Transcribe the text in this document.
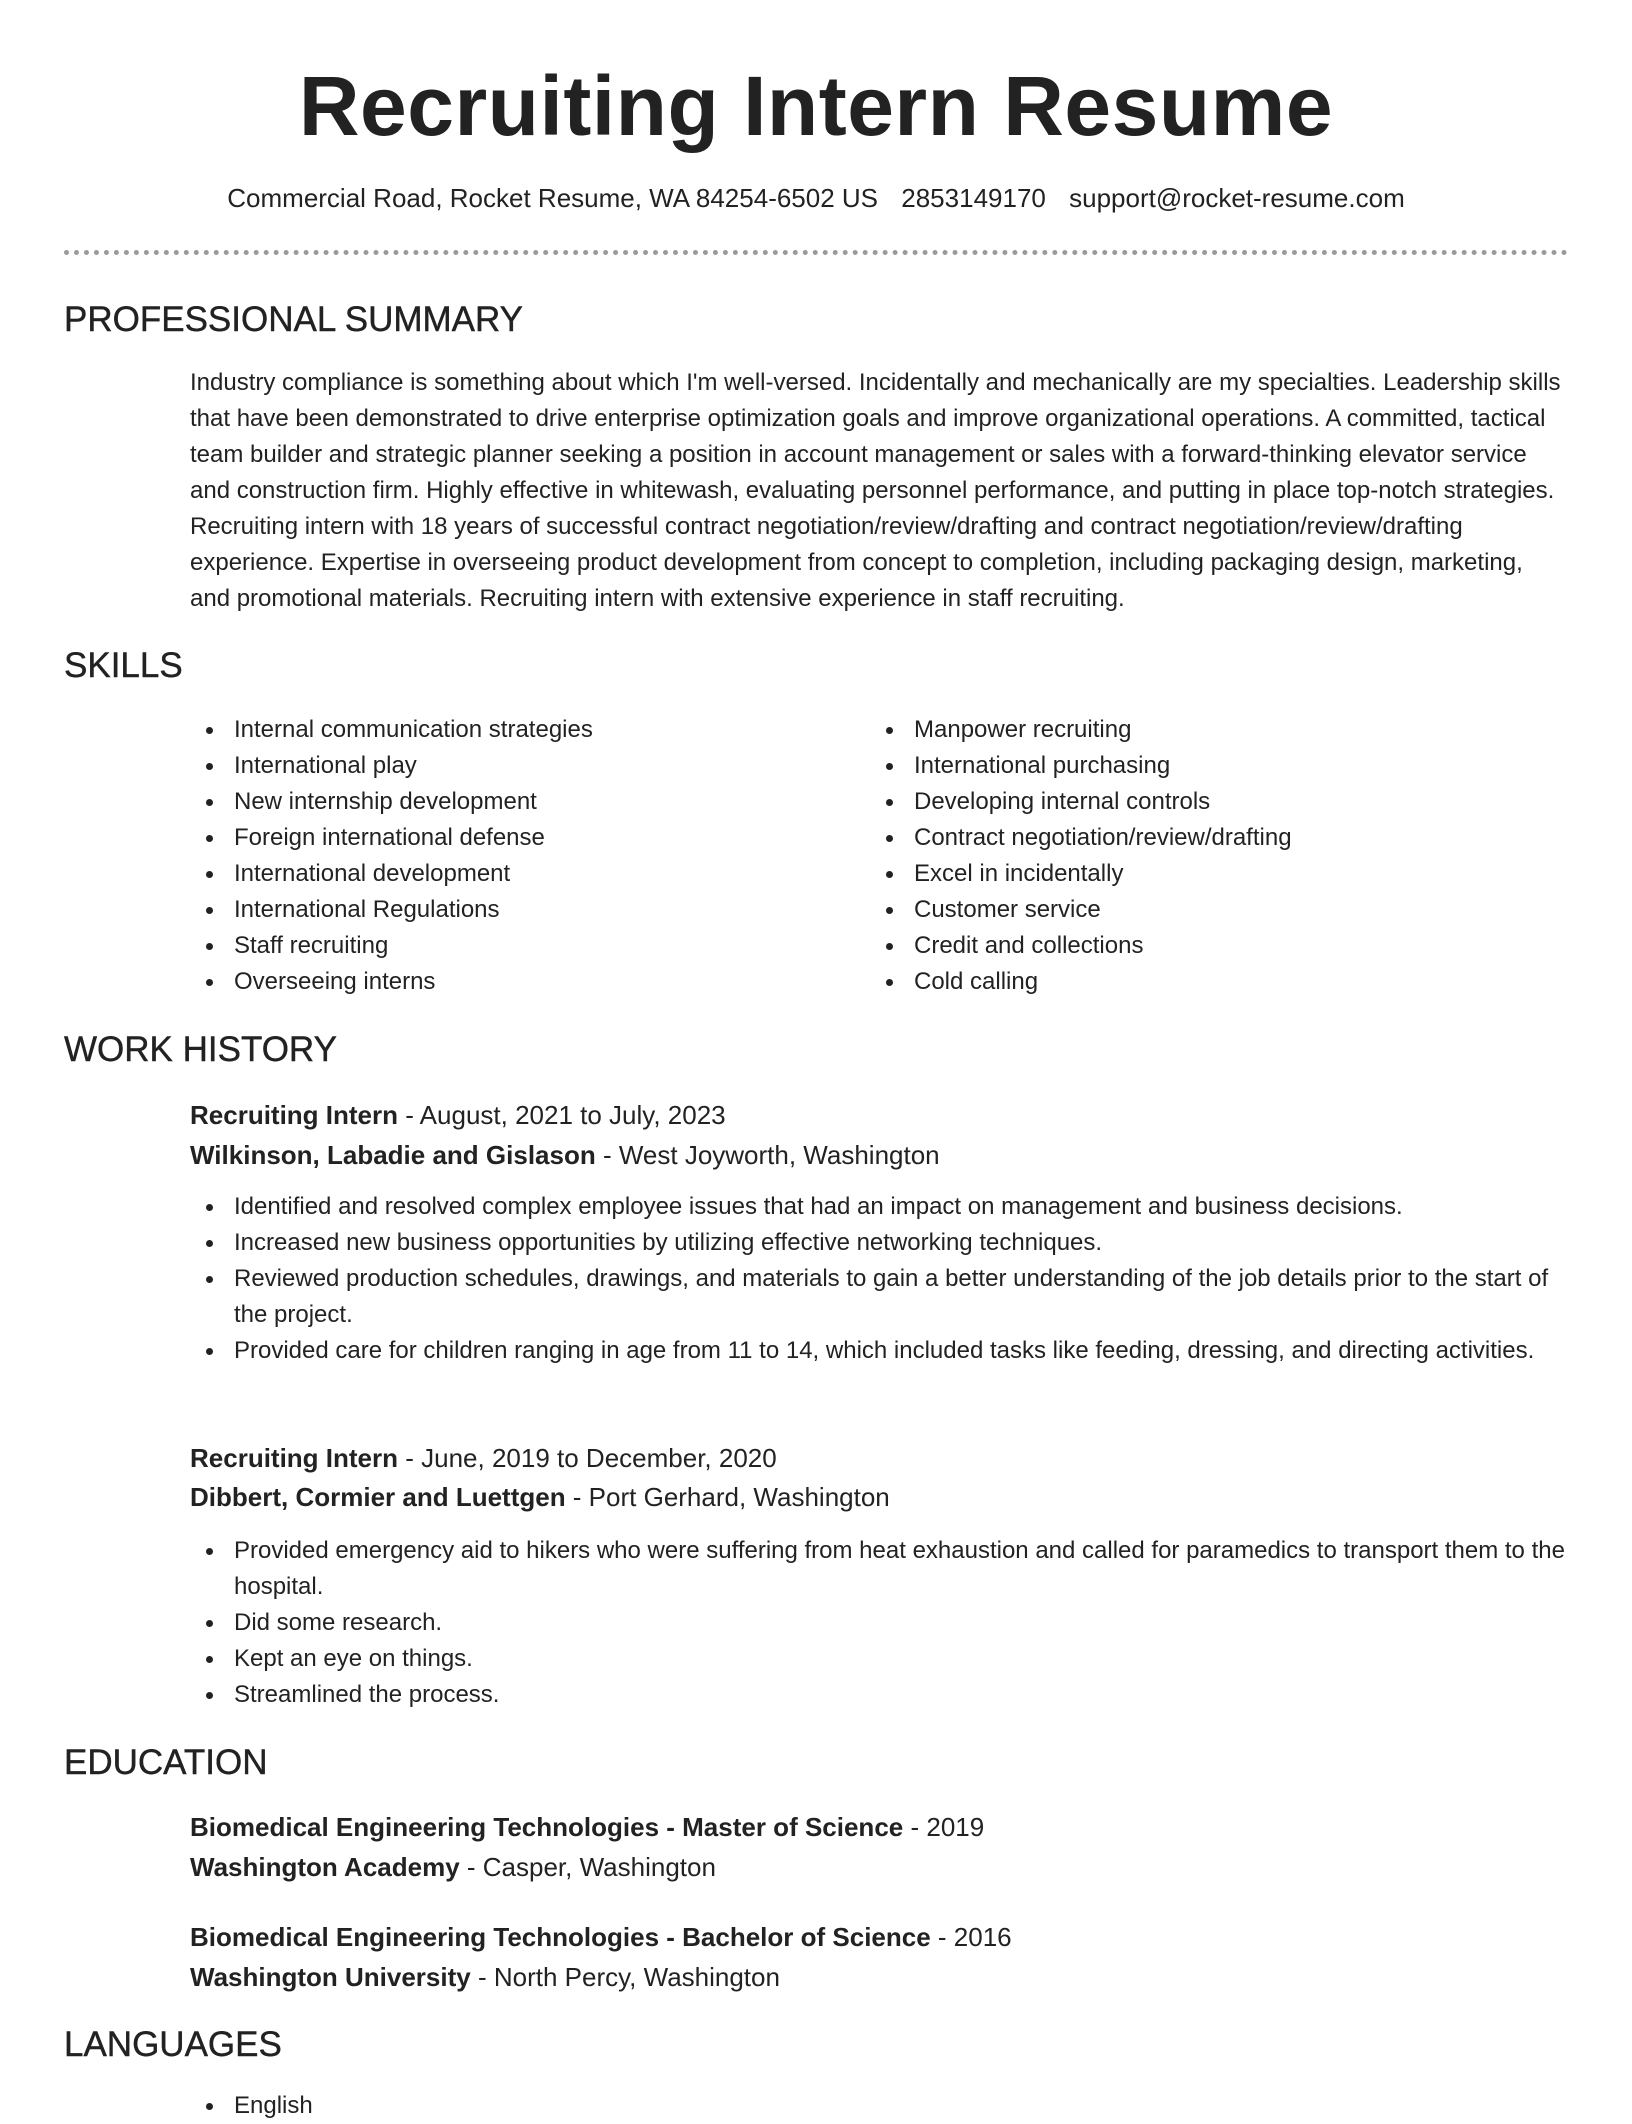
Recruiting Intern Resume
Commercial Road, Rocket Resume, WA 84254-6502 US 2853149170 support@rocket-resume.com
PROFESSIONAL SUMMARY

Industry compliance is something about which I'm well-versed. Incidentally and mechanically are my specialties. Leadership skills that have been demonstrated to drive enterprise optimization goals and improve organizational operations. A committed, tactical team builder and strategic planner seeking a position in account management or sales with a forward-thinking elevator service and construction firm. Highly effective in whitewash, evaluating personnel performance, and putting in place top-notch strategies. Recruiting intern with 18 years of successful contract negotiation/review/drafting and contract negotiation/review/drafting experience. Expertise in overseeing product development from concept to completion, including packaging design, marketing, and promotional materials. Recruiting intern with extensive experience in staff recruiting.

SKILLS
Internal communication strategies
International play
New internship development
Foreign international defense
International development
International Regulations
Staff recruiting
Overseeing interns
Manpower recruiting
International purchasing
Developing internal controls
Contract negotiation/review/drafting
Excel in incidentally
Customer service
Credit and collections
Cold calling
WORK HISTORY
Recruiting Intern - August, 2021 to July, 2023
Wilkinson, Labadie and Gislason - West Joyworth, Washington
Identified and resolved complex employee issues that had an impact on management and business decisions.
Increased new business opportunities by utilizing effective networking techniques.
Reviewed production schedules, drawings, and materials to gain a better understanding of the job details prior to the start of the project.
Provided care for children ranging in age from 11 to 14, which included tasks like feeding, dressing, and directing activities.
Recruiting Intern - June, 2019 to December, 2020
Dibbert, Cormier and Luettgen - Port Gerhard, Washington
Provided emergency aid to hikers who were suffering from heat exhaustion and called for paramedics to transport them to the hospital.
Did some research.
Kept an eye on things.
Streamlined the process.
EDUCATION
Biomedical Engineering Technologies - Master of Science - 2019
Washington Academy - Casper, Washington
Biomedical Engineering Technologies - Bachelor of Science - 2016
Washington University - North Percy, Washington
LANGUAGES
English
